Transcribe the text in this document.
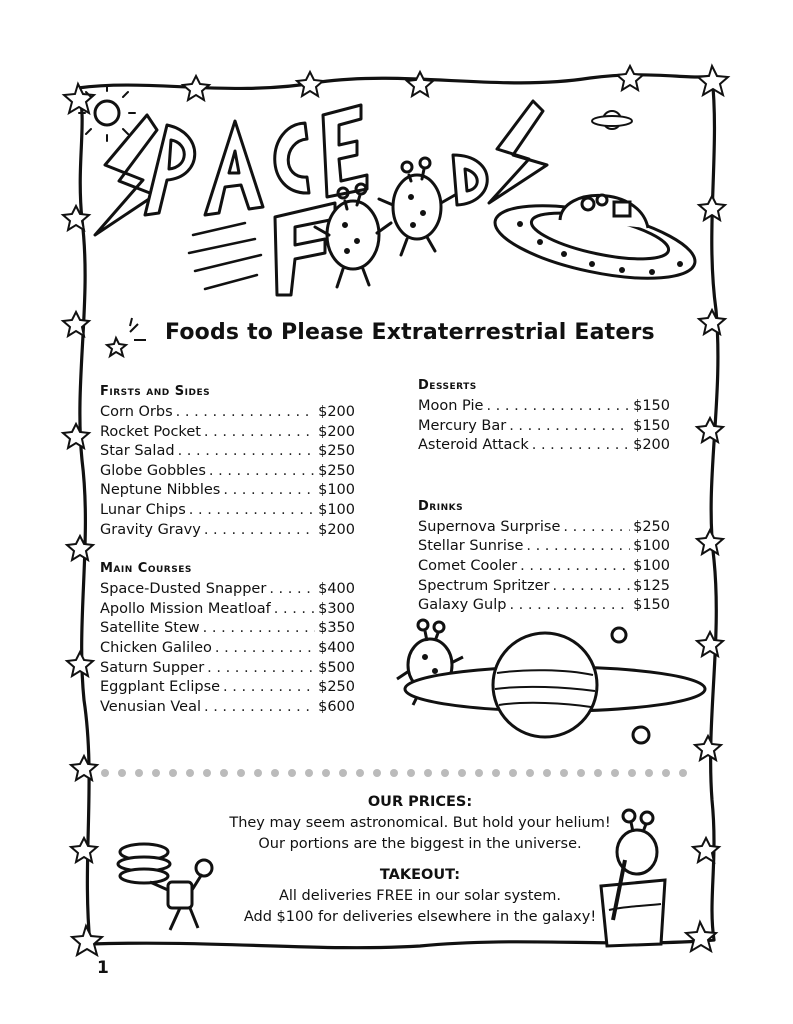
Foods to Please Extraterrestrial Eaters
Firsts and Sides
Corn Orbs . . .	$200
Rocket Pocket . . .	$200
Star Salad . . .	$250
Globe Gobbles . . .	$250
Neptune Nibbles . . .	$100
Lunar Chips . . .	$100
Gravity Gravy . . .	$200
Main Courses
Space-Dusted Snapper . . .	$400
Apollo Mission Meatloaf . . .	$300
Satellite Stew . . .	$350
Chicken Galileo . . .	$400
Saturn Supper . . .	$500
Eggplant Eclipse . . .	$250
Venusian Veal . . .	$600
Desserts
Moon Pie . . .	$150
Mercury Bar . . .	$150
Asteroid Attack . . .	$200
Drinks
Supernova Surprise . . .	$250
Stellar Sunrise . . .	$100
Comet Cooler . . .	$100
Spectrum Spritzer . . .	$125
Galaxy Gulp . . .	$150
OUR PRICES:
They may seem astronomical. But hold your helium!
Our portions are the biggest in the universe.
TAKEOUT:
All deliveries FREE in our solar system.
Add $100 for deliveries elsewhere in the galaxy!
1
